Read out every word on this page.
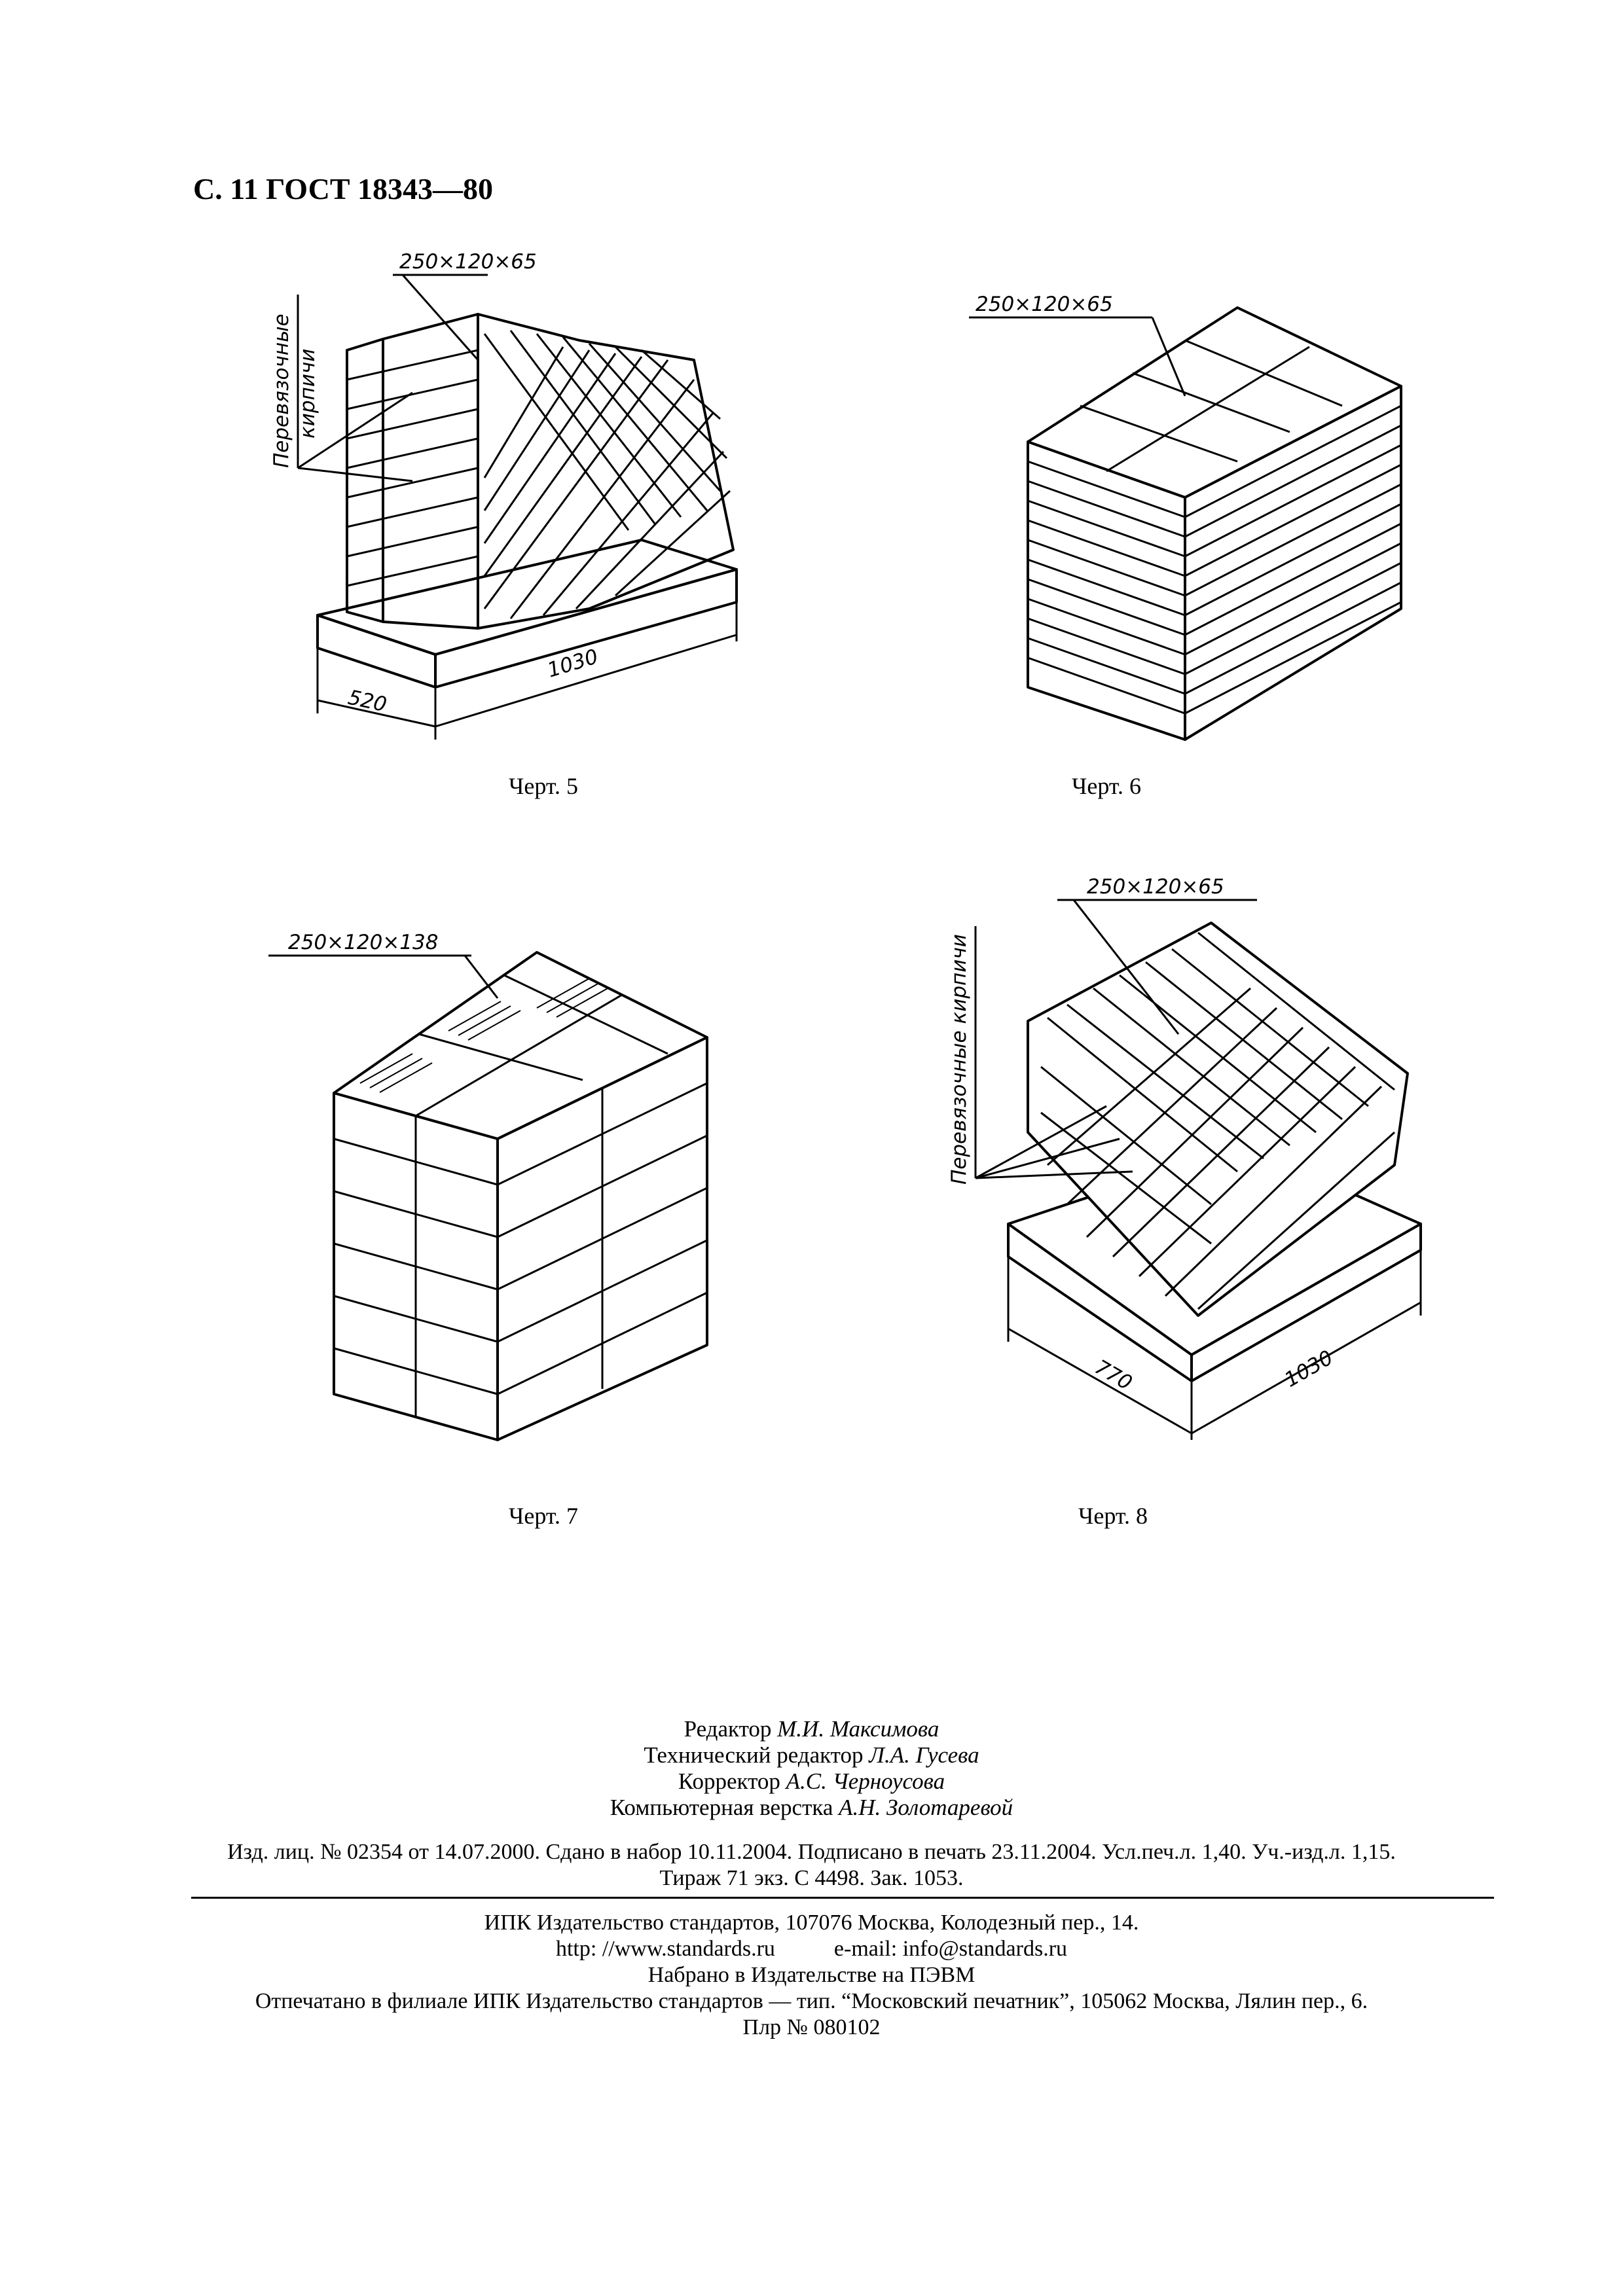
С. 11 ГОСТ 18343—80
250×120×65
520
1030
Перевязочные кирпичи
Черт. 5
250×120×65
Черт. 6
250×120×138
Черт. 7
250×120×65
Перевязочные кирпичи
770	1030
Черт. 8
Редактор М.И. Максимова
Технический редактор Л.А. Гусева
Корректор А.С. Черноусова
Компьютерная верстка А.Н. Золотаревой
Изд. лиц. № 02354 от 14.07.2000. Сдано в набор 10.11.2004. Подписано в печать 23.11.2004. Усл.печ.л. 1,40. Уч.-изд.л. 1,15.
Тираж 71 экз. С 4498. Зак. 1053.
ИПК Издательство стандартов, 107076 Москва, Колодезный пер., 14.
http: //www.standards.ru	e-mail: info@standards.ru
Набрано в Издательстве на ПЭВМ
Отпечатано в филиале ИПК Издательство стандартов — тип. “Московский печатник”, 105062 Москва, Лялин пер., 6.
Плр № 080102
